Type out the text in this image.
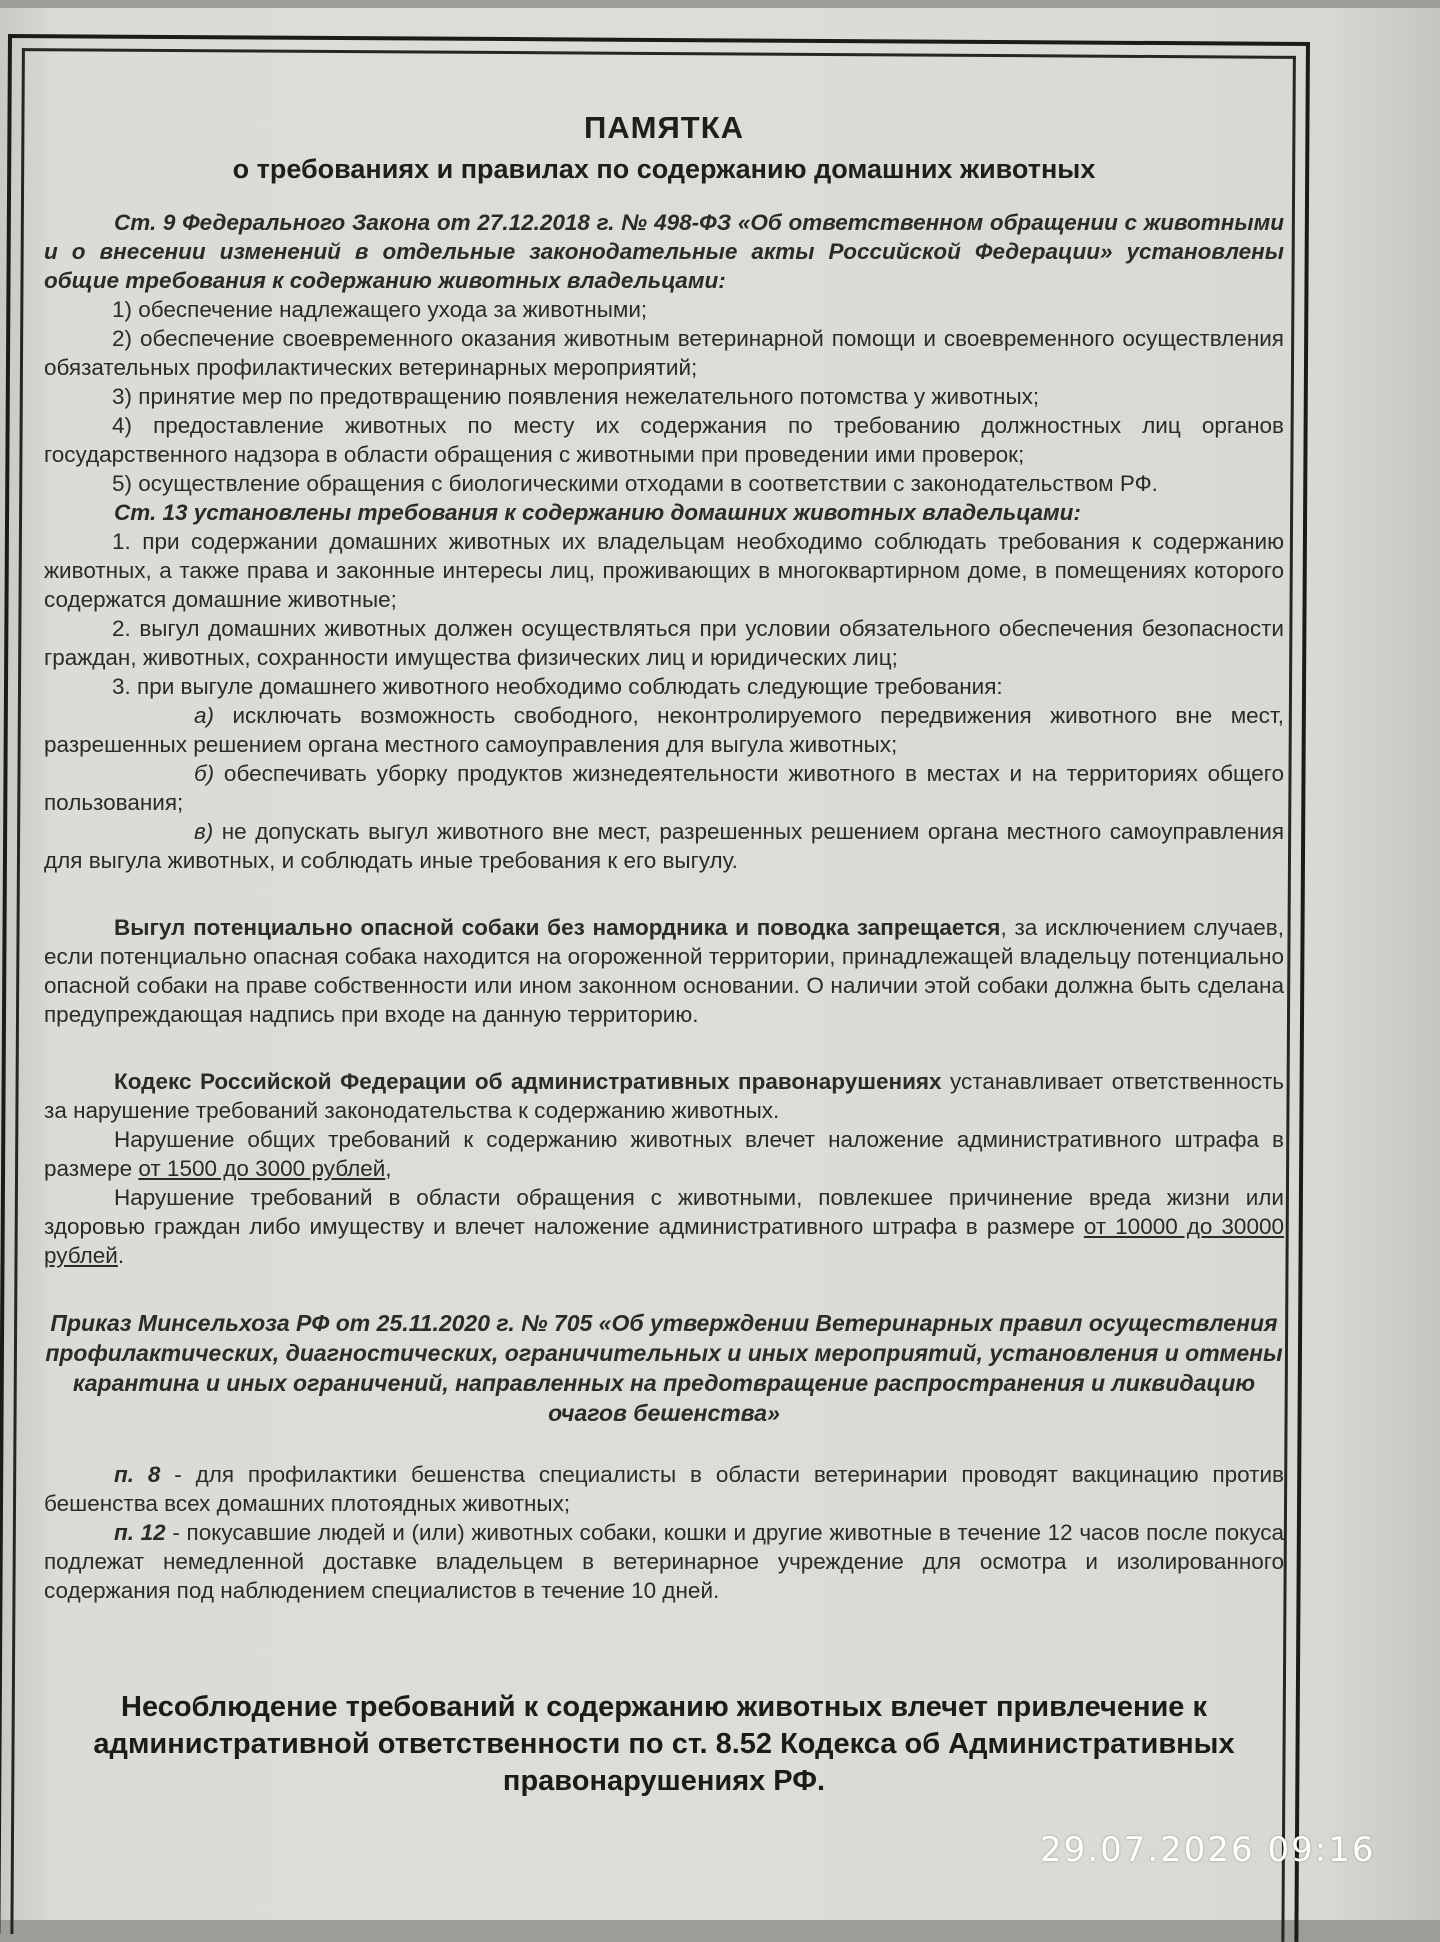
ПАМЯТКА
о требованиях и правилах по содержанию домашних животных

Ст. 9 Федерального Закона от 27.12.2018 г. № 498-ФЗ «Об ответственном обращении с животными и о внесении изменений в отдельные законодательные акты Российской Федерации» установлены общие требования к содержанию животных владельцами:

1) обеспечение надлежащего ухода за животными;

2) обеспечение своевременного оказания животным ветеринарной помощи и своевременного осуществления обязательных профилактических ветеринарных мероприятий;

3) принятие мер по предотвращению появления нежелательного потомства у животных;

4) предоставление животных по месту их содержания по требованию должностных лиц органов государственного надзора в области обращения с животными при проведении ими проверок;

5) осуществление обращения с биологическими отходами в соответствии с законодательством РФ.

Ст. 13 установлены требования к содержанию домашних животных владельцами:

1. при содержании домашних животных их владельцам необходимо соблюдать требования к содержанию животных, а также права и законные интересы лиц, проживающих в многоквартирном доме, в помещениях которого содержатся домашние животные;

2. выгул домашних животных должен осуществляться при условии обязательного обеспечения безопасности граждан, животных, сохранности имущества физических лиц и юридических лиц;

3. при выгуле домашнего животного необходимо соблюдать следующие требования:

а) исключать возможность свободного, неконтролируемого передвижения животного вне мест, разрешенных решением органа местного самоуправления для выгула животных;

б) обеспечивать уборку продуктов жизнедеятельности животного в местах и на территориях общего пользования;

в) не допускать выгул животного вне мест, разрешенных решением органа местного самоуправления для выгула животных, и соблюдать иные требования к его выгулу.

Выгул потенциально опасной собаки без намордника и поводка запрещается, за исключением случаев, если потенциально опасная собака находится на огороженной территории, принадлежащей владельцу потенциально опасной собаки на праве собственности или ином законном основании. О наличии этой собаки должна быть сделана предупреждающая надпись при входе на данную территорию.

Кодекс Российской Федерации об административных правонарушениях устанавливает ответственность за нарушение требований законодательства к содержанию животных.

Нарушение общих требований к содержанию животных влечет наложение административного штрафа в размере от 1500 до 3000 рублей,

Нарушение требований в области обращения с животными, повлекшее причинение вреда жизни или здоровью граждан либо имуществу и влечет наложение административного штрафа в размере от 10000 до 30000 рублей.

Приказ Минсельхоза РФ от 25.11.2020 г. № 705 «Об утверждении Ветеринарных правил осуществления профилактических, диагностических, ограничительных и иных мероприятий, установления и отмены карантина и иных ограничений, направленных на предотвращение распространения и ликвидацию очагов бешенства»

п. 8 - для профилактики бешенства специалисты в области ветеринарии проводят вакцинацию против бешенства всех домашних плотоядных животных;

п. 12 - покусавшие людей и (или) животных собаки, кошки и другие животные в течение 12 часов после покуса подлежат немедленной доставке владельцем в ветеринарное учреждение для осмотра и изолированного содержания под наблюдением специалистов в течение 10 дней.

Несоблюдение требований к содержанию животных влечет привлечение к административной ответственности по ст. 8.52 Кодекса об Административных правонарушениях РФ.

29.07.2026 09:16
